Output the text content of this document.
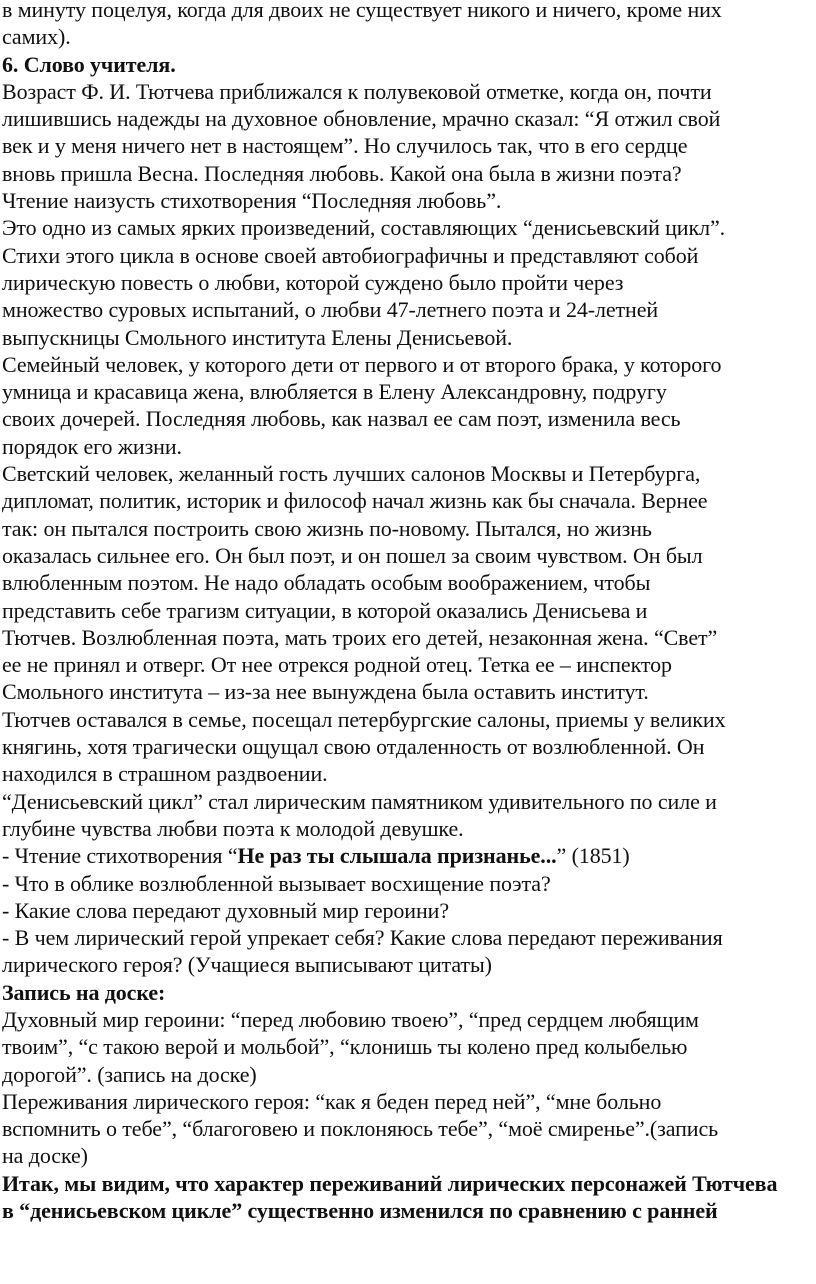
в минуту поцелуя, когда для двоих не существует никого и ничего, кроме них
самих).
6. Слово учителя.
Возраст Ф. И. Тютчева приближался к полувековой отметке, когда он, почти
лишившись надежды на духовное обновление, мрачно сказал: “Я отжил свой
век и у меня ничего нет в настоящем”. Но случилось так, что в его сердце
вновь пришла Весна. Последняя любовь. Какой она была в жизни поэта?
Чтение наизусть стихотворения “Последняя любовь”.
Это одно из самых ярких произведений, составляющих “денисьевский цикл”.
Стихи этого цикла в основе своей автобиографичны и представляют собой
лирическую повесть о любви, которой суждено было пройти через
множество суровых испытаний, о любви 47-летнего поэта и 24-летней
выпускницы Смольного института Елены Денисьевой.
Семейный человек, у которого дети от первого и от второго брака, у которого
умница и красавица жена, влюбляется в Елену Александровну, подругу
своих дочерей. Последняя любовь, как назвал ее сам поэт, изменила весь
порядок его жизни.
Светский человек, желанный гость лучших салонов Москвы и Петербурга,
дипломат, политик, историк и философ начал жизнь как бы сначала. Вернее
так: он пытался построить свою жизнь по-новому. Пытался, но жизнь
оказалась сильнее его. Он был поэт, и он пошел за своим чувством. Он был
влюбленным поэтом. Не надо обладать особым воображением, чтобы
представить себе трагизм ситуации, в которой оказались Денисьева и
Тютчев. Возлюбленная поэта, мать троих его детей, незаконная жена. “Свет”
ее не принял и отверг. От нее отрекся родной отец. Тетка ее – инспектор
Смольного института – из-за нее вынуждена была оставить институт.
Тютчев оставался в семье, посещал петербургские салоны, приемы у великих
княгинь, хотя трагически ощущал свою отдаленность от возлюбленной. Он
находился в страшном раздвоении.
“Денисьевский цикл” стал лирическим памятником удивительного по силе и
глубине чувства любви поэта к молодой девушке.
- Чтение стихотворения “Не раз ты слышала признанье...” (1851)
- Что в облике возлюбленной вызывает восхищение поэта?
- Какие слова передают духовный мир героини?
- В чем лирический герой упрекает себя? Какие слова передают переживания
лирического героя? (Учащиеся выписывают цитаты)
Запись на доске:
Духовный мир героини: “перед любовию твоею”, “пред сердцем любящим
твоим”, “с такою верой и мольбой”, “клонишь ты колено пред колыбелью
дорогой”. (запись на доске)
Переживания лирического героя: “как я беден перед ней”, “мне больно
вспомнить о тебе”, “благоговею и поклоняюсь тебе”, “моё смиренье”.(запись
на доске)
Итак, мы видим, что характер переживаний лирических персонажей Тютчева
в “денисьевском цикле” существенно изменился по сравнению с ранней
